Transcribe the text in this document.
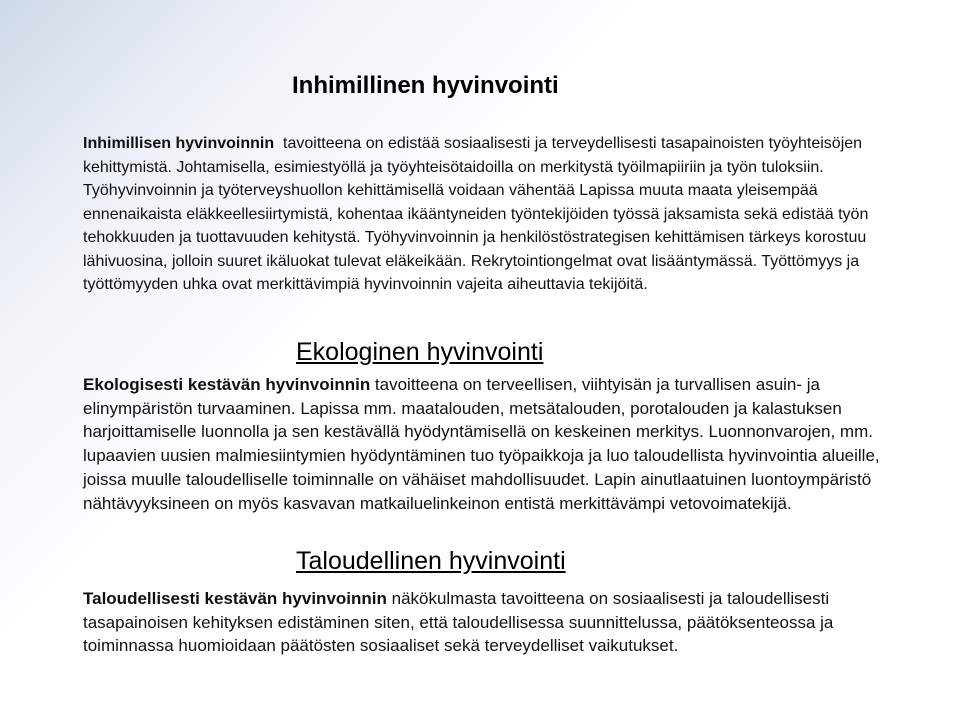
Inhimillinen hyvinvointi

Inhimillisen hyvinvoinnin  tavoitteena on edistää sosiaalisesti ja terveydellisesti tasapainoisten työyhteisöjen kehittymistä. Johtamisella, esimiestyöllä ja työyhteisötaidoilla on merkitystä työilmapiiriin ja työn tuloksiin. Työhyvinvoinnin ja työterveyshuollon kehittämisellä voidaan vähentää Lapissa muuta maata yleisempää ennenaikaista eläkkeellesiirtymistä, kohentaa ikääntyneiden työntekijöiden työssä jaksamista sekä edistää työn tehokkuuden ja tuottavuuden kehitystä. Työhyvinvoinnin ja henkilöstöstrategisen kehittämisen tärkeys korostuu lähivuosina, jolloin suuret ikäluokat tulevat eläkeikään. Rekrytointiongelmat ovat lisääntymässä. Työttömyys ja työttömyyden uhka ovat merkittävimpiä hyvinvoinnin vajeita aiheuttavia tekijöitä.

Ekologinen hyvinvointi

Ekologisesti kestävän hyvinvoinnin tavoitteena on terveellisen, viihtyisän ja turvallisen asuin- ja elinympäristön turvaaminen. Lapissa mm. maatalouden, metsätalouden, porotalouden ja kalastuksen harjoittamiselle luonnolla ja sen kestävällä hyödyntämisellä on keskeinen merkitys. Luonnonvarojen, mm. lupaavien uusien malmiesiintymien hyödyntäminen tuo työpaikkoja ja luo taloudellista hyvinvointia alueille, joissa muulle taloudelliselle toiminnalle on vähäiset mahdollisuudet. Lapin ainutlaatuinen luontoympäristö nähtävyyksineen on myös kasvavan matkailuelinkeinon entistä merkittävämpi vetovoimatekijä.

Taloudellinen hyvinvointi

Taloudellisesti kestävän hyvinvoinnin näkökulmasta tavoitteena on sosiaalisesti ja taloudellisesti tasapainoisen kehityksen edistäminen siten, että taloudellisessa suunnittelussa, päätöksenteossa ja toiminnassa huomioidaan päätösten sosiaaliset sekä terveydelliset vaikutukset.
